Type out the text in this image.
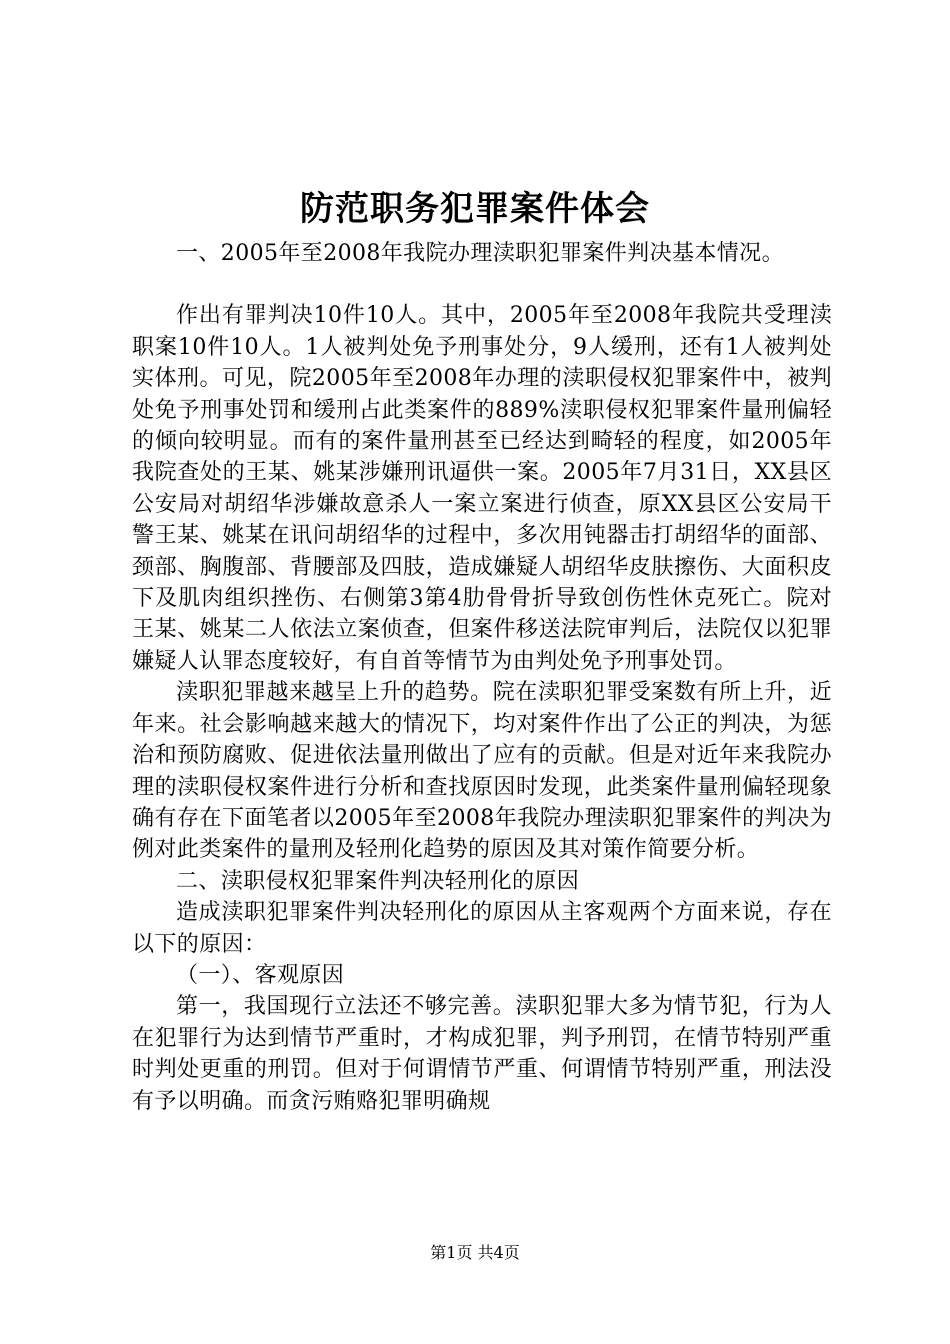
防范职务犯罪案件体会

一、2005年至2008年我院办理渎职犯罪案件判决基本情况。

作出有罪判决10件10人。其中，2005年至2008年我院共受理渎职案10件10人。1人被判处免予刑事处分，9人缓刑，还有1人被判处实体刑。可见，院2005年至2008年办理的渎职侵权犯罪案件中，被判处免予刑事处罚和缓刑占此类案件的889%渎职侵权犯罪案件量刑偏轻的倾向较明显。而有的案件量刑甚至已经达到畸轻的程度，如2005年我院查处的王某、姚某涉嫌刑讯逼供一案。2005年7月31日，XX县区公安局对胡绍华涉嫌故意杀人一案立案进行侦查，原XX县区公安局干警王某、姚某在讯问胡绍华的过程中，多次用钝器击打胡绍华的面部、颈部、胸腹部、背腰部及四肢，造成嫌疑人胡绍华皮肤擦伤、大面积皮下及肌肉组织挫伤、右侧第3第4肋骨骨折导致创伤性休克死亡。院对王某、姚某二人依法立案侦查，但案件移送法院审判后，法院仅以犯罪嫌疑人认罪态度较好，有自首等情节为由判处免予刑事处罚。

渎职犯罪越来越呈上升的趋势。院在渎职犯罪受案数有所上升，近年来。社会影响越来越大的情况下，均对案件作出了公正的判决，为惩治和预防腐败、促进依法量刑做出了应有的贡献。但是对近年来我院办理的渎职侵权案件进行分析和查找原因时发现，此类案件量刑偏轻现象确有存在下面笔者以2005年至2008年我院办理渎职犯罪案件的判决为例对此类案件的量刑及轻刑化趋势的原因及其对策作简要分析。

二、渎职侵权犯罪案件判决轻刑化的原因

造成渎职犯罪案件判决轻刑化的原因从主客观两个方面来说，存在以下的原因：

（一）、客观原因

第一，我国现行立法还不够完善。渎职犯罪大多为情节犯，行为人在犯罪行为达到情节严重时，才构成犯罪，判予刑罚，在情节特别严重时判处更重的刑罚。但对于何谓情节严重、何谓情节特别严重，刑法没有予以明确。而贪污贿赂犯罪明确规

第1页 共4页
